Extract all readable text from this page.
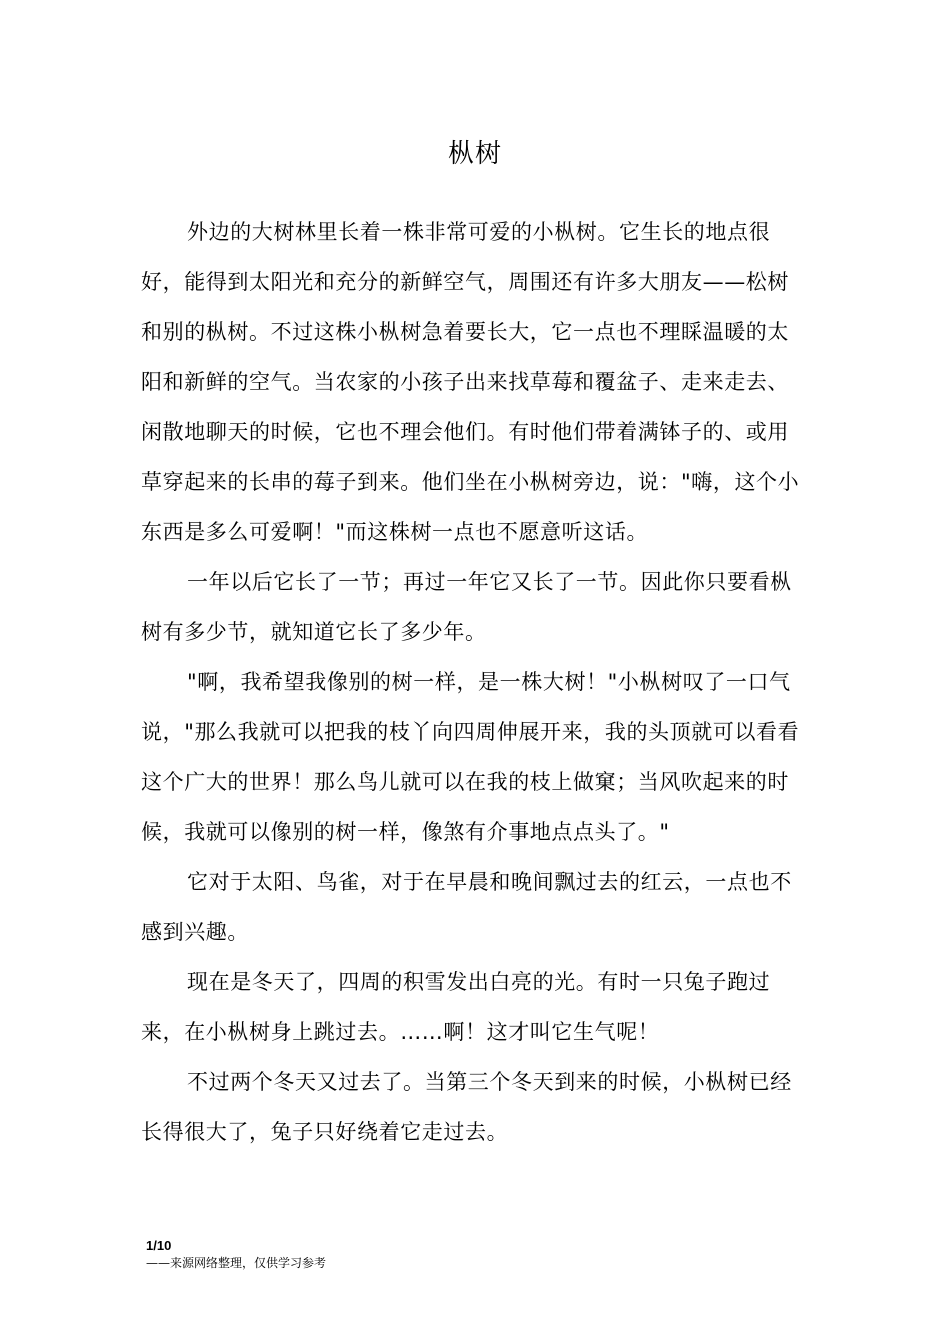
枞树

外边的大树林里长着一株非常可爱的小枞树。它生长的地点很好，能得到太阳光和充分的新鲜空气，周围还有许多大朋友——松树和别的枞树。不过这株小枞树急着要长大，它一点也不理睬温暖的太阳和新鲜的空气。当农家的小孩子出来找草莓和覆盆子、走来走去、闲散地聊天的时候，它也不理会他们。有时他们带着满钵子的、或用草穿起来的长串的莓子到来。他们坐在小枞树旁边，说："嗨，这个小东西是多么可爱啊！"而这株树一点也不愿意听这话。

一年以后它长了一节；再过一年它又长了一节。因此你只要看枞树有多少节，就知道它长了多少年。

"啊，我希望我像别的树一样，是一株大树！"小枞树叹了一口气说，"那么我就可以把我的枝丫向四周伸展开来，我的头顶就可以看看这个广大的世界！那么鸟儿就可以在我的枝上做窠；当风吹起来的时候，我就可以像别的树一样，像煞有介事地点点头了。"

它对于太阳、鸟雀，对于在早晨和晚间飘过去的红云，一点也不感到兴趣。

现在是冬天了，四周的积雪发出白亮的光。有时一只兔子跑过来，在小枞树身上跳过去。……啊！这才叫它生气呢！

不过两个冬天又过去了。当第三个冬天到来的时候，小枞树已经长得很大了，兔子只好绕着它走过去。

1/10
——来源网络整理，仅供学习参考
